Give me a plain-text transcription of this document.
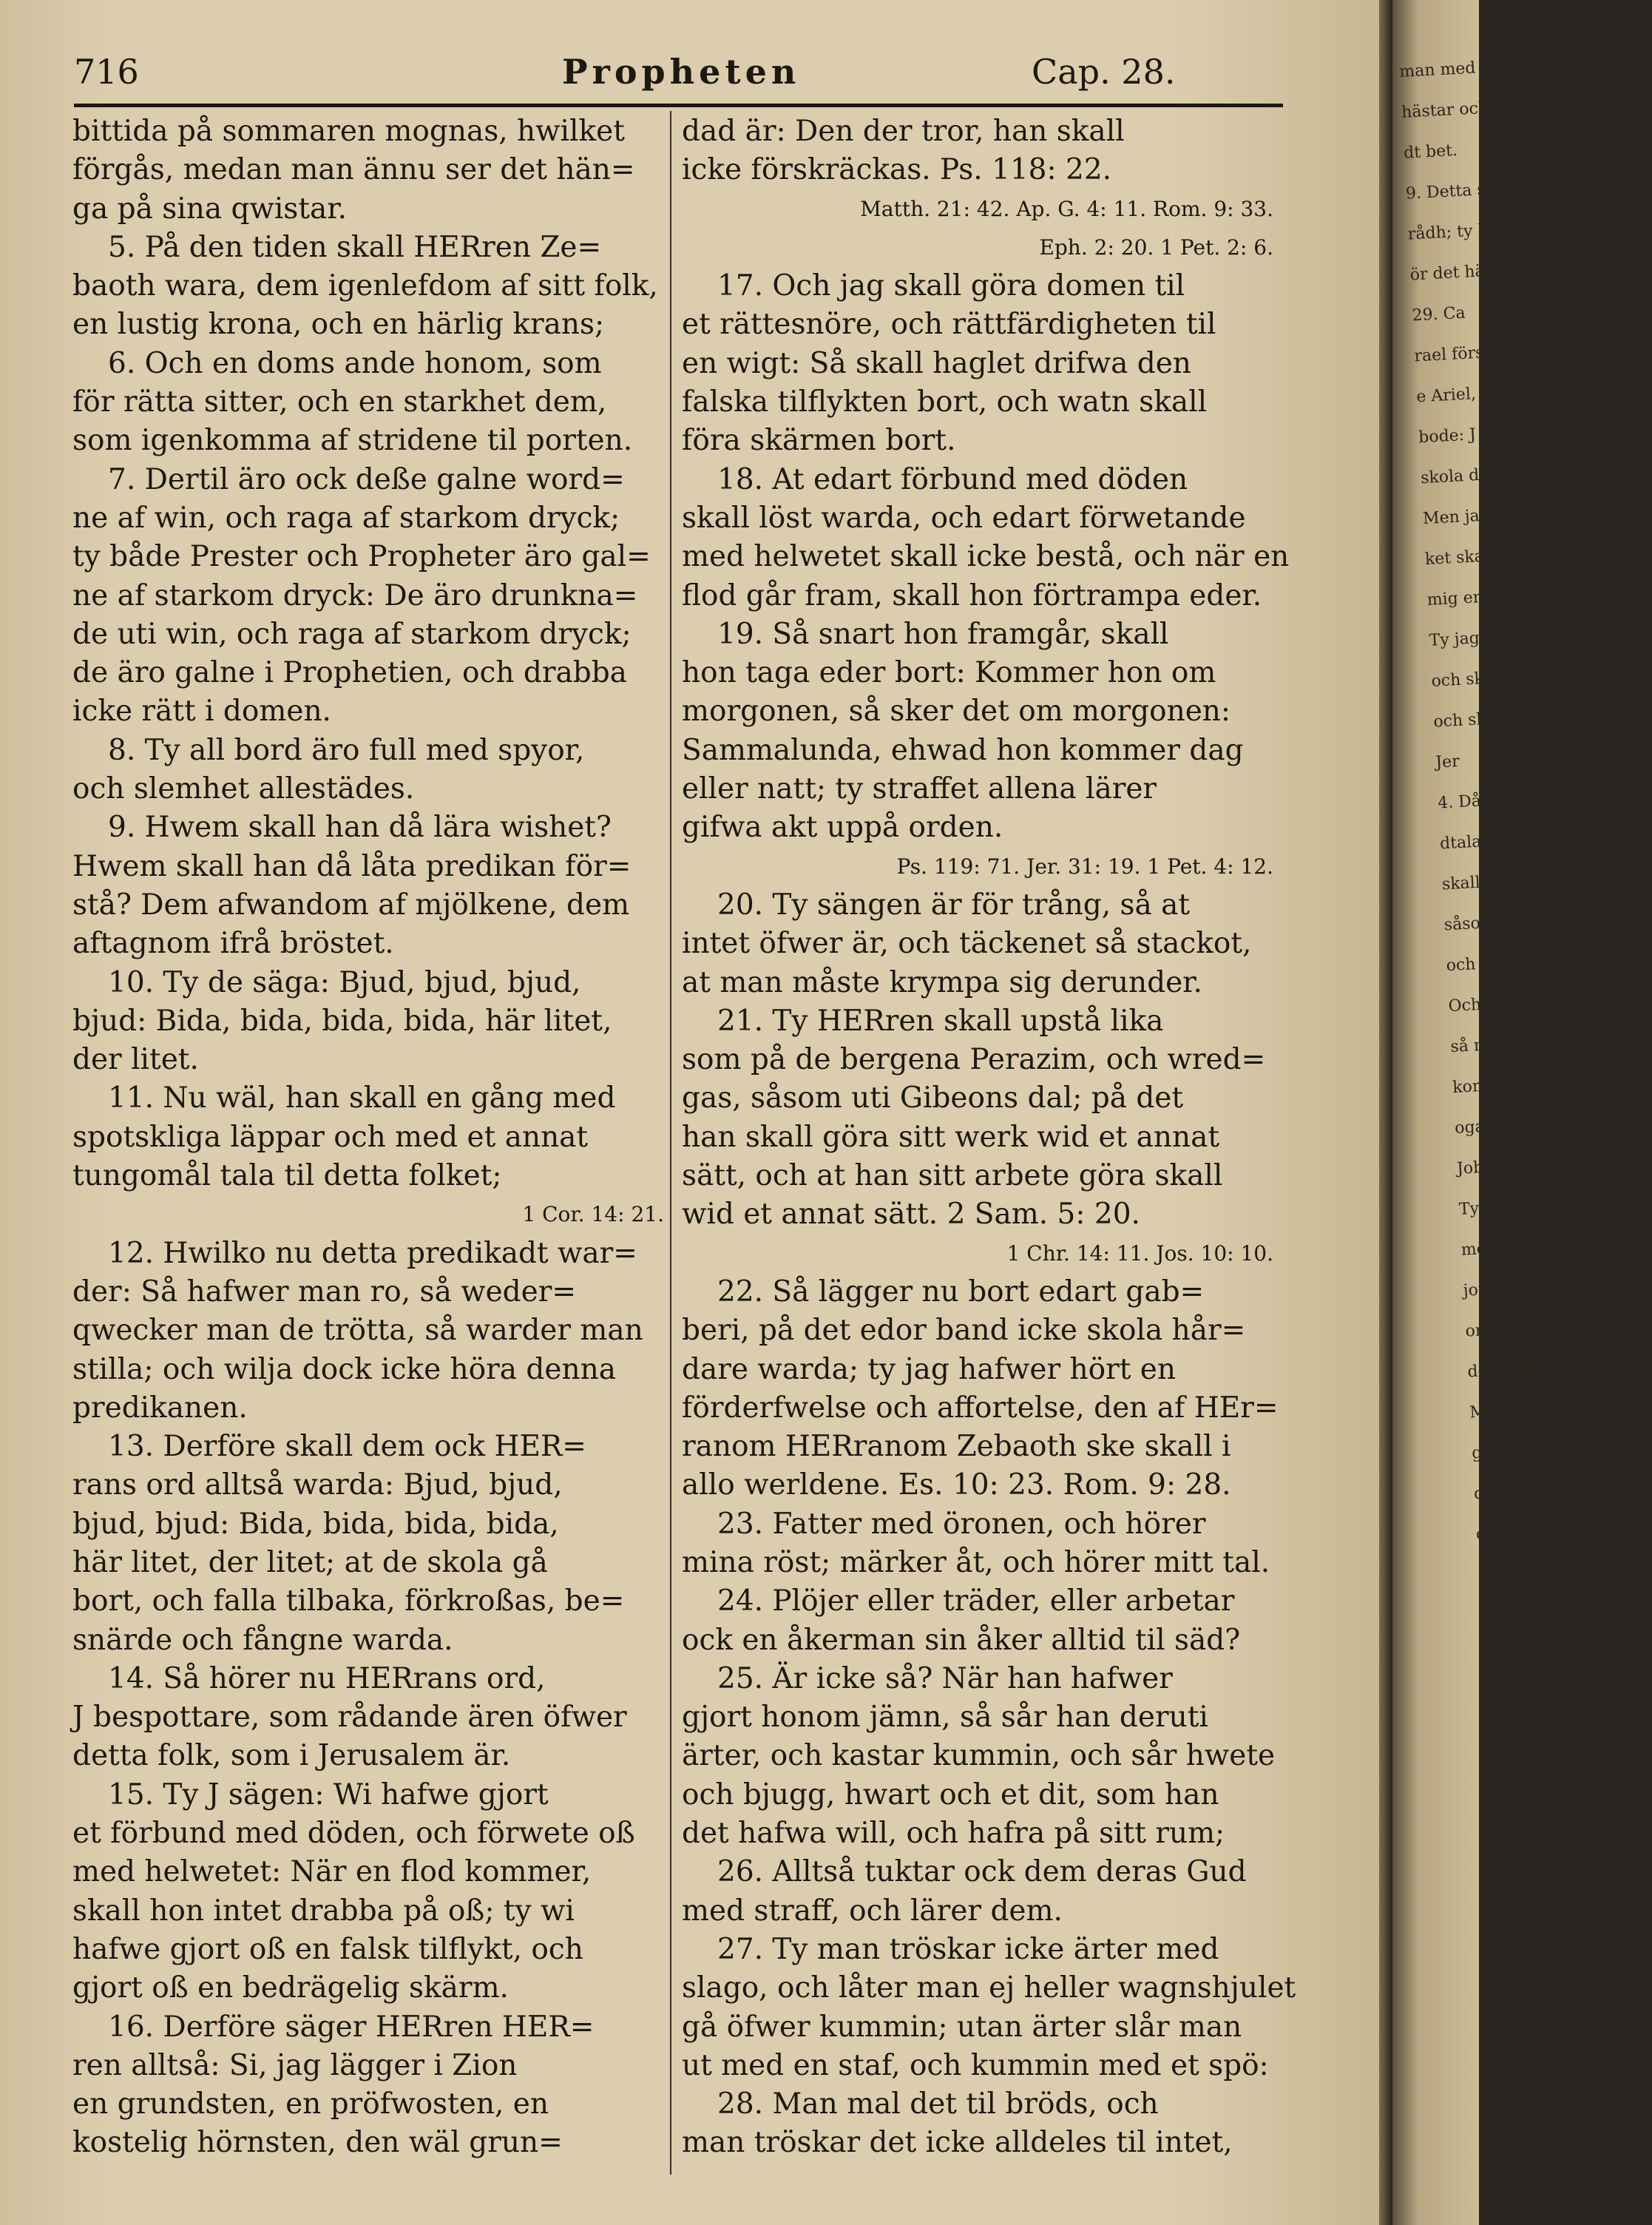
716	Propheten	Cap. 28.
bittida på sommaren mognas, hwilket
förgås, medan man ännu ser det hän=
ga på sina qwistar.
5. På den tiden skall HERren Ze=
baoth wara, dem igenlefdom af sitt folk,
en lustig krona, och en härlig krans;
6. Och en doms ande honom, som
för rätta sitter, och en starkhet dem,
som igenkomma af stridene til porten.
7. Dertil äro ock deße galne word=
ne af win, och raga af starkom dryck;
ty både Prester och Propheter äro gal=
ne af starkom dryck: De äro drunkna=
de uti win, och raga af starkom dryck;
de äro galne i Prophetien, och drabba
icke rätt i domen.
8. Ty all bord äro full med spyor,
och slemhet allestädes.
9. Hwem skall han då lära wishet?
Hwem skall han då låta predikan för=
stå? Dem afwandom af mjölkene, dem
aftagnom ifrå bröstet.
10. Ty de säga: Bjud, bjud, bjud,
bjud: Bida, bida, bida, bida, här litet,
der litet.
11. Nu wäl, han skall en gång med
spotskliga läppar och med et annat
tungomål tala til detta folket;
1 Cor. 14: 21.
12. Hwilko nu detta predikadt war=
der: Så hafwer man ro, så weder=
qwecker man de trötta, så warder man
stilla; och wilja dock icke höra denna
predikanen.
13. Derföre skall dem ock HER=
rans ord alltså warda: Bjud, bjud,
bjud, bjud: Bida, bida, bida, bida,
här litet, der litet; at de skola gå
bort, och falla tilbaka, förkroßas, be=
snärde och fångne warda.
14. Så hörer nu HERrans ord,
J bespottare, som rådande ären öfwer
detta folk, som i Jerusalem är.
15. Ty J sägen: Wi hafwe gjort
et förbund med döden, och förwete oß
med helwetet: När en flod kommer,
skall hon intet drabba på oß; ty wi
hafwe gjort oß en falsk tilflykt, och
gjort oß en bedrägelig skärm.
16. Derföre säger HERren HER=
ren alltså: Si, jag lägger i Zion
en grundsten, en pröfwosten, en
kostelig hörnsten, den wäl grun=
dad är: Den der tror, han skall
icke förskräckas. Ps. 118: 22.
Matth. 21: 42. Ap. G. 4: 11. Rom. 9: 33.
Eph. 2: 20. 1 Pet. 2: 6.
17. Och jag skall göra domen til
et rättesnöre, och rättfärdigheten til
en wigt: Så skall haglet drifwa den
falska tilflykten bort, och watn skall
föra skärmen bort.
18. At edart förbund med döden
skall löst warda, och edart förwetande
med helwetet skall icke bestå, och när en
flod går fram, skall hon förtrampa eder.
19. Så snart hon framgår, skall
hon taga eder bort: Kommer hon om
morgonen, så sker det om morgonen:
Sammalunda, ehwad hon kommer dag
eller natt; ty straffet allena lärer
gifwa akt uppå orden.
Ps. 119: 71. Jer. 31: 19. 1 Pet. 4: 12.
20. Ty sängen är för trång, så at
intet öfwer är, och täckenet så stackot,
at man måste krympa sig derunder.
21. Ty HERren skall upstå lika
som på de bergena Perazim, och wred=
gas, såsom uti Gibeons dal; på det
han skall göra sitt werk wid et annat
sätt, och at han sitt arbete göra skall
wid et annat sätt. 2 Sam. 5: 20.
1 Chr. 14: 11. Jos. 10: 10.
22. Så lägger nu bort edart gab=
beri, på det edor band icke skola hår=
dare warda; ty jag hafwer hört en
förderfwelse och affortelse, den af HEr=
ranom HERranom Zebaoth ske skall i
allo werldene. Es. 10: 23. Rom. 9: 28.
23. Fatter med öronen, och hörer
mina röst; märker åt, och hörer mitt tal.
24. Plöjer eller träder, eller arbetar
ock en åkerman sin åker alltid til säd?
25. Är icke så? När han hafwer
gjort honom jämn, så sår han deruti
ärter, och kastar kummin, och sår hwete
och bjugg, hwart och et dit, som han
det hafwa will, och hafra på sitt rum;
26. Alltså tuktar ock dem deras Gud
med straff, och lärer dem.
27. Ty man tröskar icke ärter med
slago, och låter man ej heller wagnshjulet
gå öfwer kummin; utan ärter slår man
ut med en staf, och kummin med et spö:
28. Man mal det til bröds, och
man tröskar det icke alldeles til intet,
man med wagn
hästar och
dt bet.
9. Detta sker
rådh; ty hans
ör det härliga
29. Ca
rael förstördt.
e Ariel, Ariel,
bode: J begån
skola dagar.
Men jag skal
ket skall sörja
mig en sanfkyl
Ty jag skall
och skall
och skall låta
Jer
4. Då skalt du
dtala utu jordene,
skall utu stoftet,
såsom en spåk
och skall skall hn
Och de som di
så månge, som
kommer som
ogat: Och de
Job. 21:
Ty du skalt af
mördt warda
jordbäfning, och
omwirfwel och ftr
de ddslåga.
Men såsom en
gda alle de hen
de der strida
och deß här
som trånga hon
Ty såsom en
ter han äter;
ar hans själ
som törstigom
och han ät
hans frötig;
la Hedningar
ion strida.
förstarker bitne
den warder
raga,
ckne,
